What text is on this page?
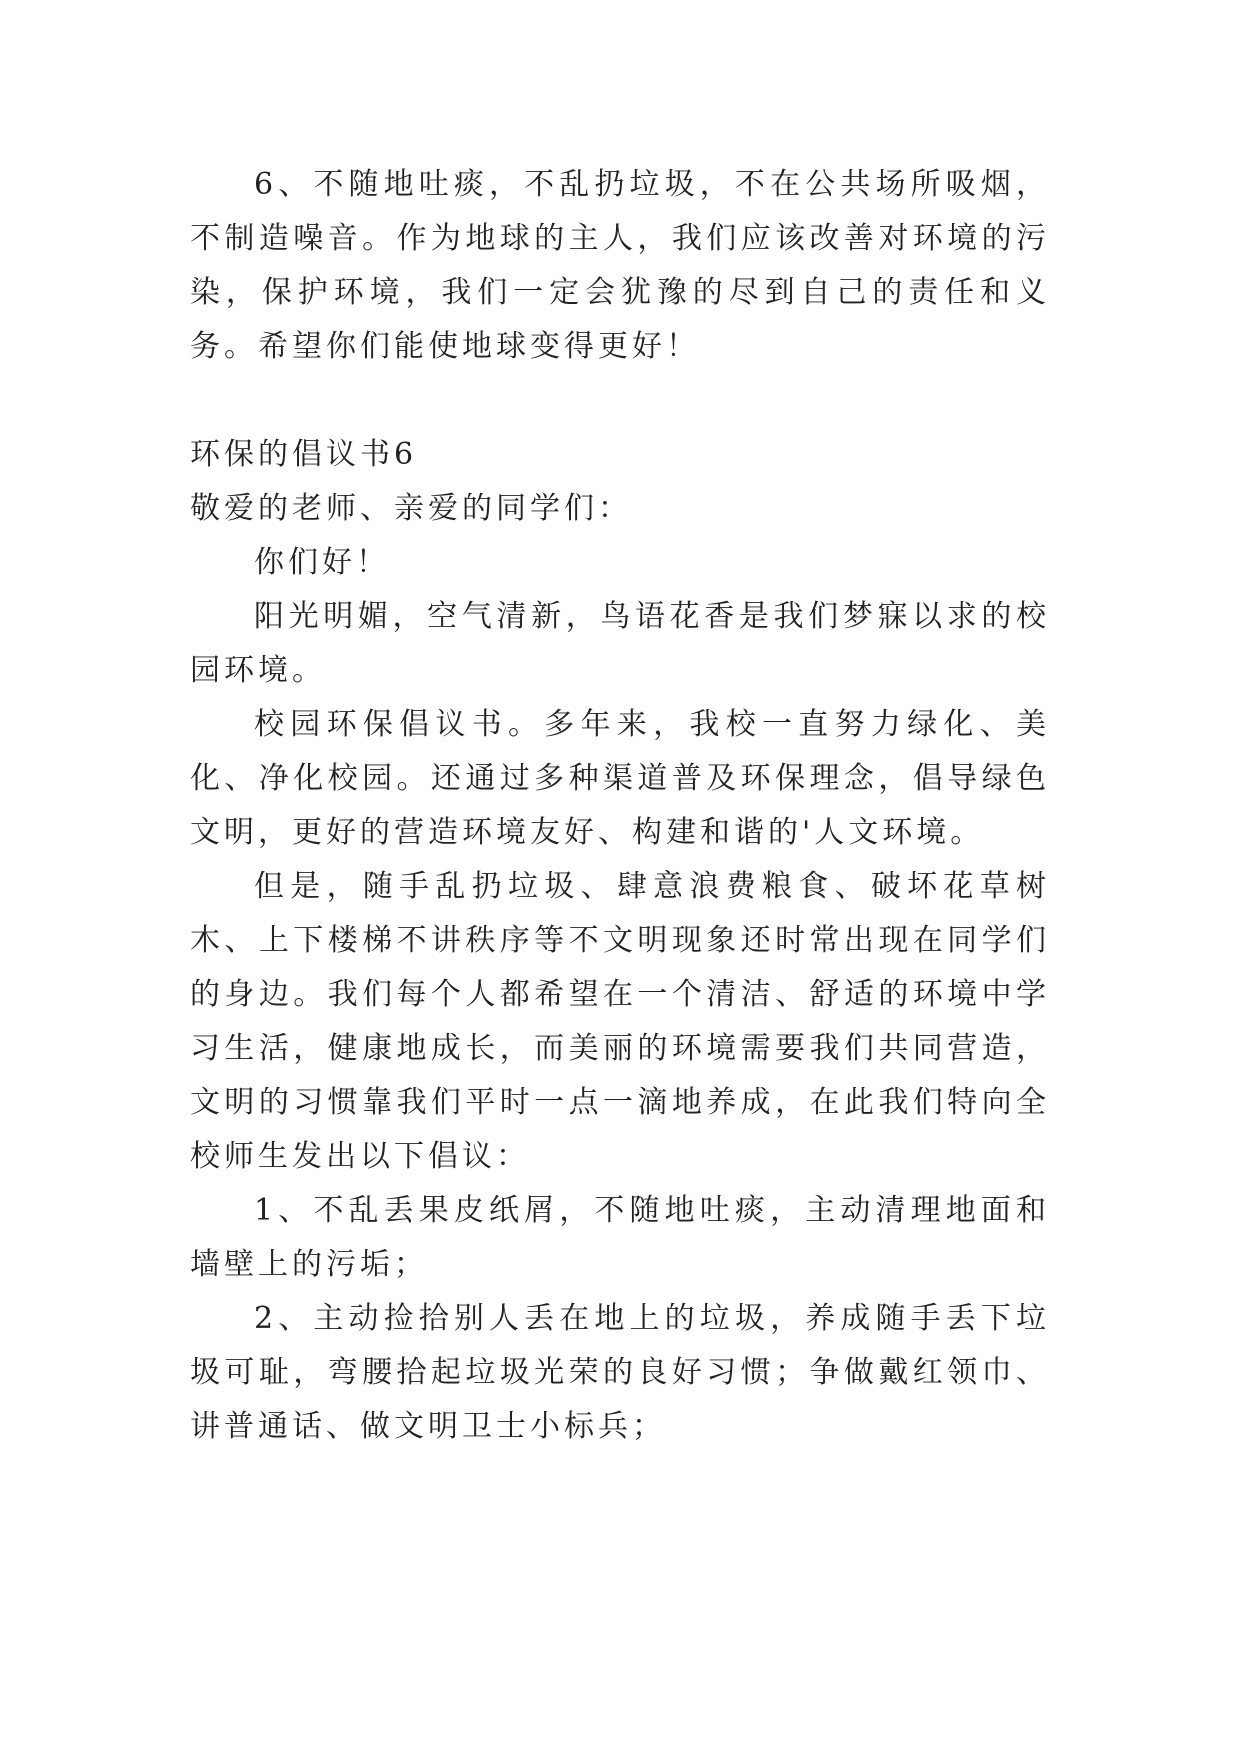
6、不随地吐痰，不乱扔垃圾，不在公共场所吸烟，不制造噪音。作为地球的主人，我们应该改善对环境的污染，保护环境，我们一定会犹豫的尽到自己的责任和义务。希望你们能使地球变得更好！

环保的倡议书6

敬爱的老师、亲爱的同学们：

你们好！

阳光明媚，空气清新，鸟语花香是我们梦寐以求的校园环境。

校园环保倡议书。多年来，我校一直努力绿化、美化、净化校园。还通过多种渠道普及环保理念，倡导绿色文明，更好的营造环境友好、构建和谐的'人文环境。

但是，随手乱扔垃圾、肆意浪费粮食、破坏花草树木、上下楼梯不讲秩序等不文明现象还时常出现在同学们的身边。我们每个人都希望在一个清洁、舒适的环境中学习生活，健康地成长，而美丽的环境需要我们共同营造，文明的习惯靠我们平时一点一滴地养成，在此我们特向全校师生发出以下倡议：

1、不乱丢果皮纸屑，不随地吐痰，主动清理地面和墙壁上的污垢；

2、主动捡拾别人丢在地上的垃圾，养成随手丢下垃圾可耻，弯腰拾起垃圾光荣的良好习惯；争做戴红领巾、讲普通话、做文明卫士小标兵；
